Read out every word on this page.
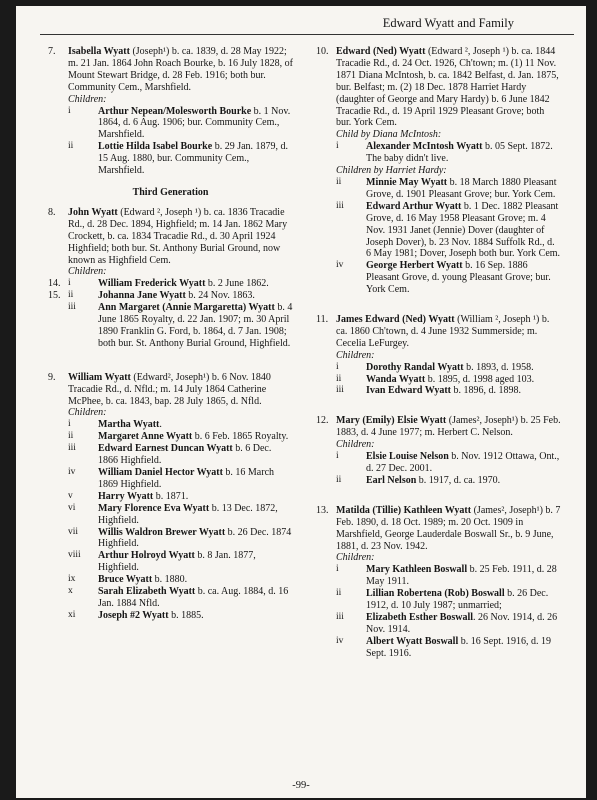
Edward Wyatt and Family
7. Isabella Wyatt (Joseph¹) b. ca. 1839, d. 28 May 1922; m. 21 Jan. 1864 John Roach Bourke, b. 16 July 1828, of Mount Stewart Bridge, d. 28 Feb. 1916; both bur. Community Cem., Marshfield.
Children:
i	Arthur Nepean/Molesworth Bourke b. 1 Nov. 1864, d. 6 Aug. 1906; bur. Community Cem., Marshfield.
ii Lottie Hilda Isabel Bourke b. 29 Jan. 1879, d. 15 Aug. 1880, bur. Community Cem., Marshfield.
Third Generation
8. John Wyatt (Edward ², Joseph ¹) b. ca. 1836 Tracadie Rd., d. 28 Dec. 1894, Highfield; m. 14 Jan. 1862 Mary Crockett, b. ca. 1834 Tracadie Rd., d. 30 April 1924 Highfield; both bur. St. Anthony Burial Ground, now known as Highfield Cem.
Children:
14. i	William Frederick Wyatt b. 2 June 1862.
15. ii Johanna Jane Wyatt b. 24 Nov. 1863.
iii Ann Margaret (Annie Margaretta) Wyatt b. 4 June 1865 Royalty, d. 22 Jan. 1907; m. 30 April 1890 Franklin G. Ford, b. 1864, d. 7 Jan. 1908; both bur. St. Anthony Burial Ground, Highfield.
9. William Wyatt (Edward², Joseph¹) b. 6 Nov. 1840 Tracadie Rd., d. Nfld.; m. 14 July 1864 Catherine McPhee, b. ca. 1843, bap. 28 July 1865, d. Nfld.
Children:
i	Martha Wyatt.
ii Margaret Anne Wyatt b. 6 Feb. 1865 Royalty.
iii Edward Earnest Duncan Wyatt b. 6 Dec. 1866 Highfield.
iv William Daniel Hector Wyatt b. 16 March 1869 Highfield.
v	Harry Wyatt b. 1871.
vi Mary Florence Eva Wyatt b. 13 Dec. 1872, Highfield.
vii Willis Waldron Brewer Wyatt b. 26 Dec. 1874 Highfield.
viii Arthur Holroyd Wyatt b. 8 Jan. 1877, Highfield.
ix Bruce Wyatt b. 1880.
x	Sarah Elizabeth Wyatt b. ca. Aug. 1884, d. 16 Jan. 1884 Nfld.
xi Joseph #2 Wyatt b. 1885.
10. Edward (Ned) Wyatt (Edward ², Joseph ¹) b. ca. 1844 Tracadie Rd., d. 24 Oct. 1926, Ch'town; m. (1) 11 Nov. 1871 Diana McIntosh, b. ca. 1842 Belfast, d. Jan. 1875, bur. Belfast; m. (2) 18 Dec. 1878 Harriet Hardy (daughter of George and Mary Hardy) b. 6 June 1842 Tracadie Rd., d. 19 April 1929 Pleasant Grove; both bur. York Cem.
Child by Diana McIntosh:
i	Alexander McIntosh Wyatt b. 05 Sept. 1872. The baby didn't live.
Children by Harriet Hardy:
ii Minnie May Wyatt b. 18 March 1880 Pleasant Grove, d. 1901 Pleasant Grove; bur. York Cem.
iii Edward Arthur Wyatt b. 1 Dec. 1882 Pleasant Grove, d. 16 May 1958 Pleasant Grove; m. 4 Nov. 1931 Janet (Jennie) Dover (daughter of Joseph Dover), b. 23 Nov. 1884 Suffolk Rd., d. 6 May 1981; Dover, Joseph both bur. York Cem.
iv George Herbert Wyatt b. 16 Sep. 1886 Pleasant Grove, d. young Pleasant Grove; bur. York Cem.
11. James Edward (Ned) Wyatt (William ², Joseph ¹) b. ca. 1860 Ch'town, d. 4 June 1932 Summerside; m. Cecelia LeFurgey.
Children:
i	Dorothy Randal Wyatt b. 1893, d. 1958.
ii Wanda Wyatt b. 1895, d. 1998 aged 103.
iii Ivan Edward Wyatt b. 1896, d. 1898.
12. Mary (Emily) Elsie Wyatt (James², Joseph¹) b. 25 Feb. 1883, d. 4 June 1977; m. Herbert C. Nelson.
Children:
i	Elsie Louise Nelson b. Nov. 1912 Ottawa, Ont., d. 27 Dec. 2001.
ii Earl Nelson b. 1917, d. ca. 1970.
13. Matilda (Tillie) Kathleen Wyatt (James², Joseph¹) b. 7 Feb. 1890, d. 18 Oct. 1989; m. 20 Oct. 1909 in Marshfield, George Lauderdale Boswall Sr., b. 9 June, 1881, d. 23 Nov. 1942.
Children:
i	Mary Kathleen Boswall b. 25 Feb. 1911, d. 28 May 1911.
ii Lillian Robertena (Rob) Boswall b. 26 Dec. 1912, d. 10 July 1987; unmarried;
iii Elizabeth Esther Boswall. 26 Nov. 1914, d. 26 Nov. 1914.
iv Albert Wyatt Boswall b. 16 Sept. 1916, d. 19 Sept. 1916.
-99-
